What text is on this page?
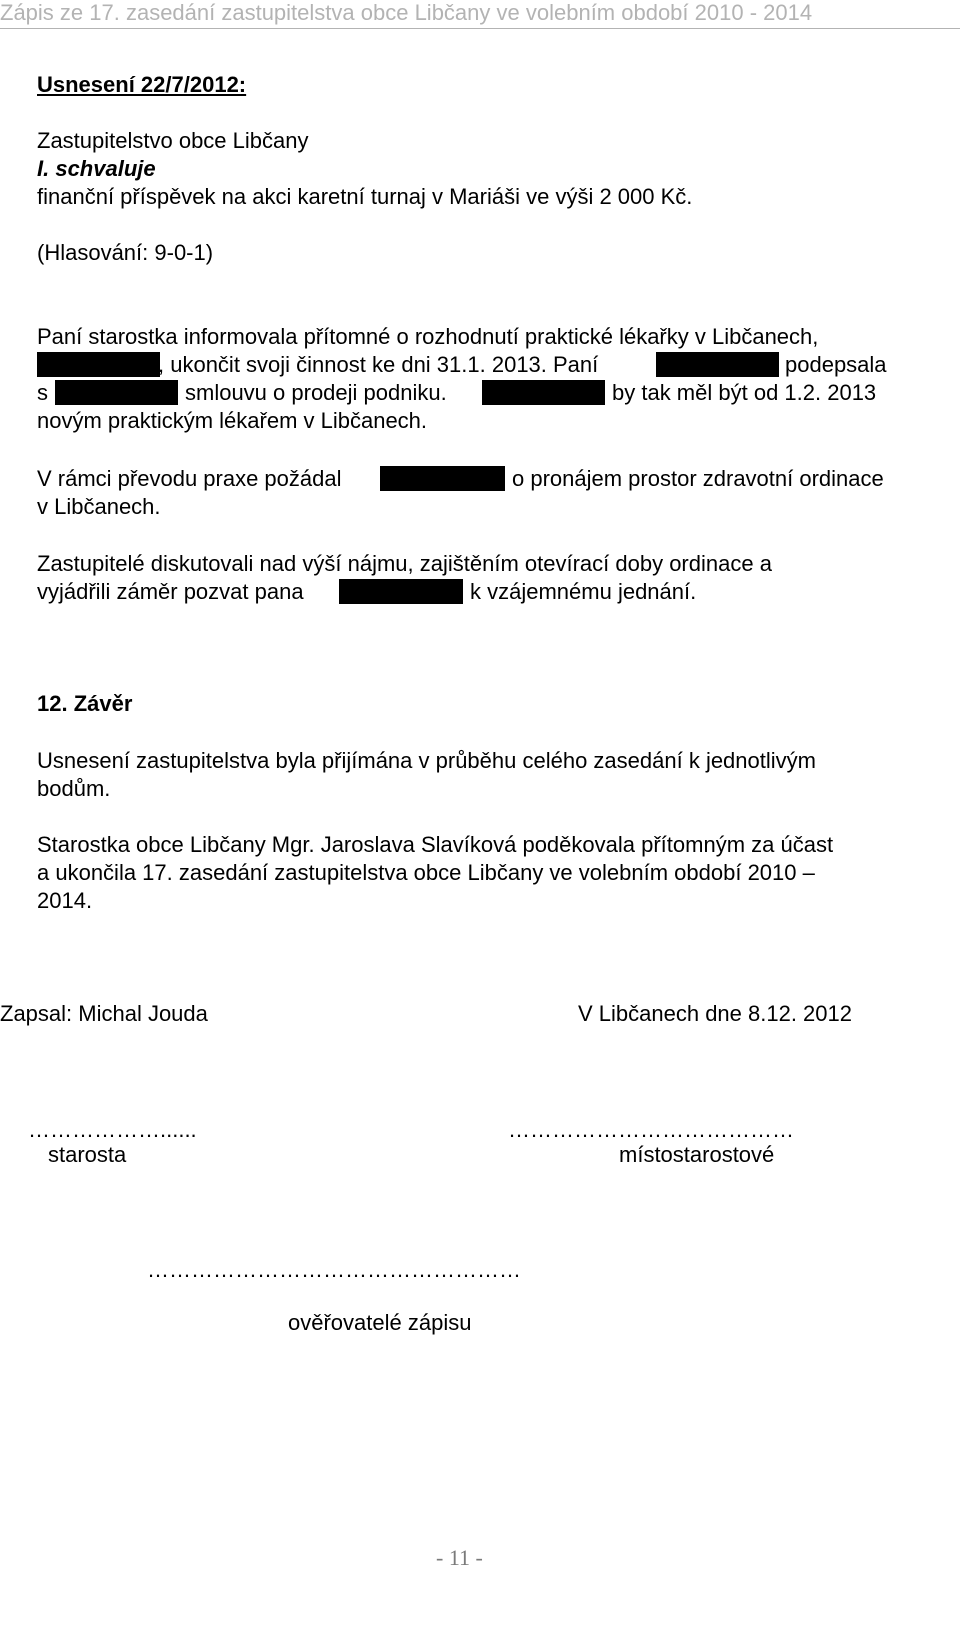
Zápis ze 17. zasedání zastupitelstva obce Libčany ve volebním období 2010 - 2014
Usnesení 22/7/2012:
Zastupitelstvo obce Libčany
I. schvaluje
finanční příspěvek na akci karetní turnaj v Mariáši ve výši 2 000 Kč.
(Hlasování: 9-0-1)
Paní starostka informovala přítomné o rozhodnutí praktické lékařky v Libčanech,
, ukončit svoji činnost ke dni 31.1. 2013. Paní	podepsala
s	smlouvu o prodeji podniku.	by tak měl být od 1.2. 2013
novým praktickým lékařem v Libčanech.
V rámci převodu praxe požádal	o pronájem prostor zdravotní ordinace
v Libčanech.
Zastupitelé diskutovali nad výší nájmu, zajištěním otevírací doby ordinace a
vyjádřili záměr pozvat pana	k vzájemnému jednání.
12. Závěr
Usnesení zastupitelstva byla přijímána v průběhu celého zasedání k jednotlivým
bodům.
Starostka obce Libčany Mgr. Jaroslava Slavíková poděkovala přítomným za účast
a ukončila 17. zasedání zastupitelstva obce Libčany ve volebním období 2010 –
2014.
Zapsal: Michal Jouda	V Libčanech dne 8.12. 2012
………………......	…………………………………
starosta	místostarostové
……………………………………………
ověřovatelé zápisu
- 11 -
